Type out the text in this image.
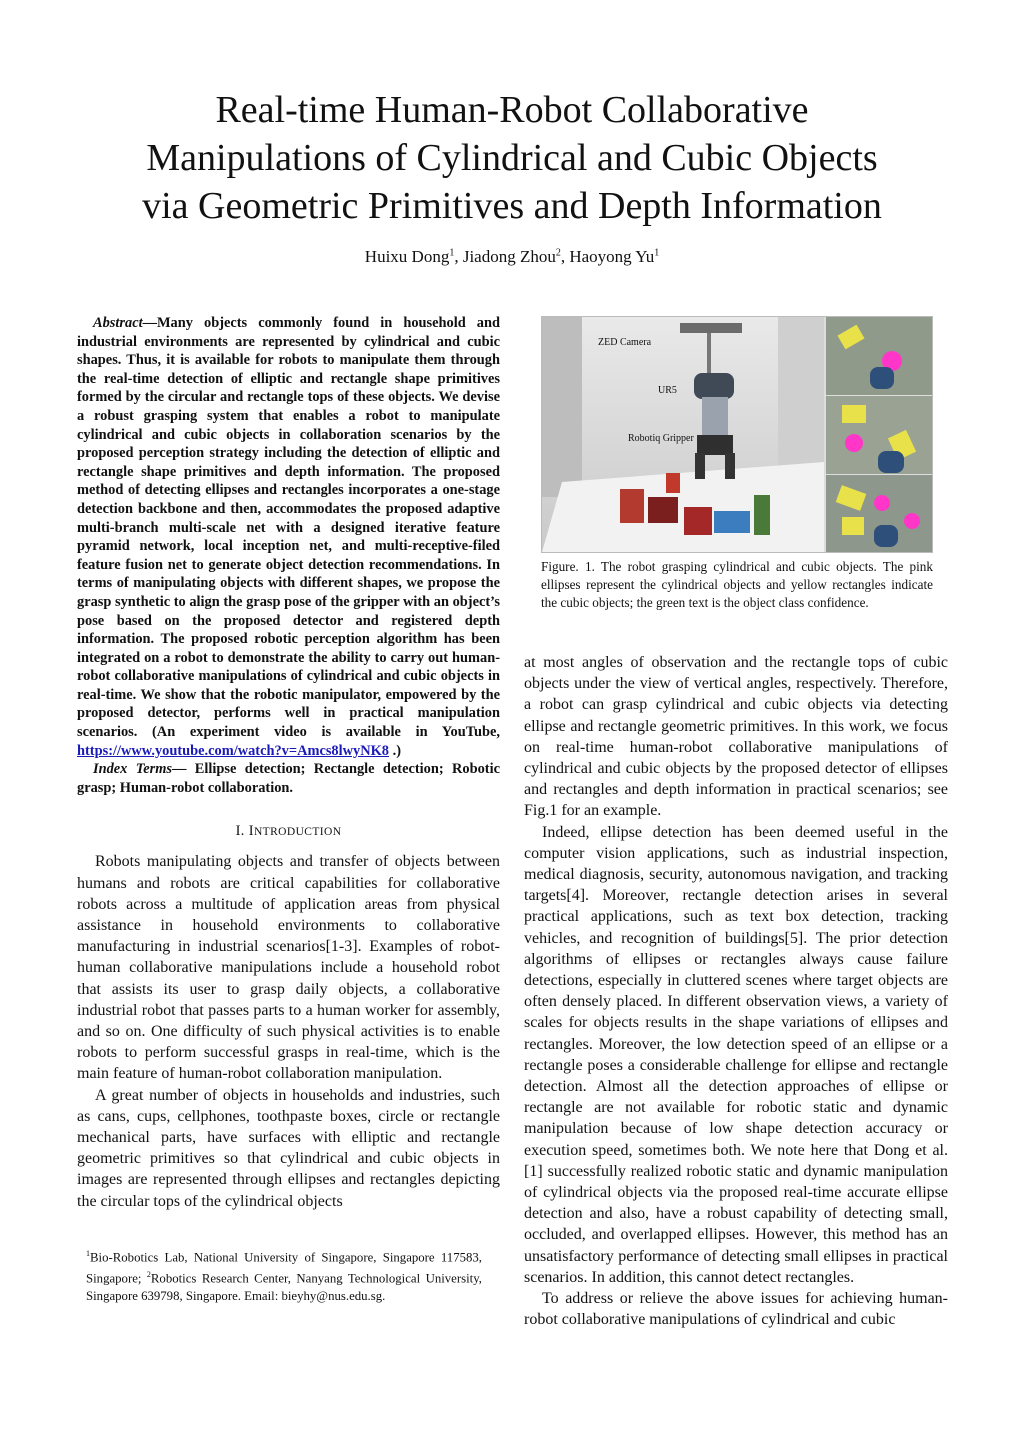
Real-time Human-Robot Collaborative
Manipulations of Cylindrical and Cubic Objects
via Geometric Primitives and Depth Information
Huixu Dong$^1$, Jiadong Zhou$^2$, Haoyong Yu$^1$

Abstract—Many objects commonly found in household and industrial environments are represented by cylindrical and cubic shapes. Thus, it is available for robots to manipulate them through the real-time detection of elliptic and rectangle shape primitives formed by the circular and rectangle tops of these objects. We devise a robust grasping system that enables a robot to manipulate cylindrical and cubic objects in collaboration scenarios by the proposed perception strategy including the detection of elliptic and rectangle shape primitives and depth information. The proposed method of detecting ellipses and rectangles incorporates a one-stage detection backbone and then, accommodates the proposed adaptive multi-branch multi-scale net with a designed iterative feature pyramid network, local inception net, and multi-receptive-filed feature fusion net to generate object detection recommendations. In terms of manipulating objects with different shapes, we propose the grasp synthetic to align the grasp pose of the gripper with an object’s pose based on the proposed detector and registered depth information. The proposed robotic perception algorithm has been integrated on a robot to demonstrate the ability to carry out human-robot collaborative manipulations of cylindrical and cubic objects in real-time. We show that the robotic manipulator, empowered by the proposed detector, performs well in practical manipulation scenarios. (An experiment video is available in YouTube, https://www.youtube.com/watch?v=Amcs8lwyNK8 .)

Index Terms— Ellipse detection; Rectangle detection; Robotic grasp; Human-robot collaboration.

I. INTRODUCTION

Robots manipulating objects and transfer of objects between humans and robots are critical capabilities for collaborative robots across a multitude of application areas from physical assistance in household environments to collaborative manufacturing in industrial scenarios[1-3]. Examples of robot-human collaborative manipulations include a household robot that assists its user to grasp daily objects, a collaborative industrial robot that passes parts to a human worker for assembly, and so on. One difficulty of such physical activities is to enable robots to perform successful grasps in real-time, which is the main feature of human-robot collaboration manipulation.

A great number of objects in households and industries, such as cans, cups, cellphones, toothpaste boxes, circle or rectangle mechanical parts, have surfaces with elliptic and rectangle geometric primitives so that cylindrical and cubic objects in images are represented through ellipses and rectangles depicting the circular tops of the cylindrical objects

$^1$Bio-Robotics Lab, National University of Singapore, Singapore 117583, Singapore; $^2$Robotics Research Center, Nanyang Technological University, Singapore 639798, Singapore. Email: bieyhy@nus.edu.sg.
ZED Camera
UR5
Robotiq Gripper
Figure. 1. The robot grasping cylindrical and cubic objects. The pink ellipses represent the cylindrical objects and yellow rectangles indicate the cubic objects; the green text is the object class confidence.

at most angles of observation and the rectangle tops of cubic objects under the view of vertical angles, respectively. Therefore, a robot can grasp cylindrical and cubic objects via detecting ellipse and rectangle geometric primitives. In this work, we focus on real-time human-robot collaborative manipulations of cylindrical and cubic objects by the proposed detector of ellipses and rectangles and depth information in practical scenarios; see Fig.1 for an example.

Indeed, ellipse detection has been deemed useful in the computer vision applications, such as industrial inspection, medical diagnosis, security, autonomous navigation, and tracking targets[4]. Moreover, rectangle detection arises in several practical applications, such as text box detection, tracking vehicles, and recognition of buildings[5]. The prior detection algorithms of ellipses or rectangles always cause failure detections, especially in cluttered scenes where target objects are often densely placed. In different observation views, a variety of scales for objects results in the shape variations of ellipses and rectangles. Moreover, the low detection speed of an ellipse or a rectangle poses a considerable challenge for ellipse and rectangle detection. Almost all the detection approaches of ellipse or rectangle are not available for robotic static and dynamic manipulation because of low shape detection accuracy or execution speed, sometimes both. We note here that Dong et al.[1] successfully realized robotic static and dynamic manipulation of cylindrical objects via the proposed real-time accurate ellipse detection and also, have a robust capability of detecting small, occluded, and overlapped ellipses. However, this method has an unsatisfactory performance of detecting small ellipses in practical scenarios. In addition, this cannot detect rectangles.

To address or relieve the above issues for achieving human-robot collaborative manipulations of cylindrical and cubic
